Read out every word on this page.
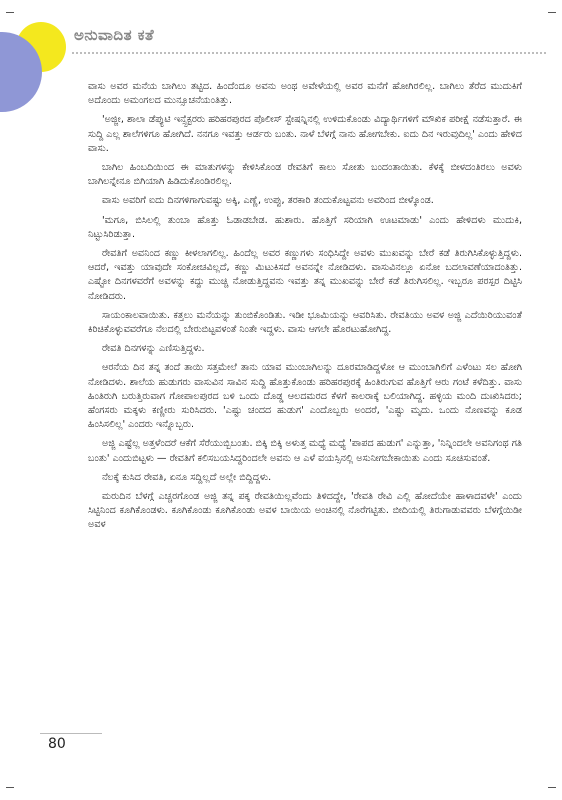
ಅನುವಾದಿತ ಕತೆ

ವಾಸು ಅವರ ಮನೆಯ ಬಾಗಿಲು ತಟ್ಟಿದ. ಹಿಂದೆಂದೂ ಅವನು ಅಂಥ ಅವೇಳೆಯಲ್ಲಿ ಅವರ ಮನೆಗೆ ಹೋಗಿರಲಿಲ್ಲ. ಬಾಗಿಲು ತೆರೆದ ಮುದುಕಿಗೆ ಅದೊಂದು ಅಮಂಗಲದ ಮುನ್ಸೂಚನೆಯಂತಿತ್ತು.

'ಅಜ್ಜೀ, ಶಾಲಾ ಡೆಪ್ಯುಟಿ ಇನ್ಸ್ಪೆಕ್ಟರರು ಹರಿಹರಪುರದ ಪೊಲೀಸ್ ಸ್ಟೇಷನ್ನಿನಲ್ಲಿ ಉಳಿದುಕೊಂಡು ವಿದ್ಯಾರ್ಥಿಗಳಿಗೆ ಮೌಖಿಕ ಪರೀಕ್ಷೆ ನಡೆಸುತ್ತಾರೆ. ಈ ಸುದ್ದಿ ಎಲ್ಲ ಶಾಲೆಗಳಿಗೂ ಹೋಗಿದೆ. ನನಗೂ ಇವತ್ತು ಆರ್ಡರು ಬಂತು. ನಾಳೆ ಬೆಳಗ್ಗೆ ನಾನು ಹೋಗಬೇಕು. ಐದು ದಿನ ಇರುವುದಿಲ್ಲ' ಎಂದು ಹೇಳಿದ ವಾಸು.

ಬಾಗಿಲ ಹಿಂಬದಿಯಿಂದ ಈ ಮಾತುಗಳನ್ನು ಕೇಳಿಸಿಕೊಂಡ ರೇವತಿಗೆ ಕಾಲು ಸೋತು ಬಂದಂತಾಯಿತು. ಕೆಳಕ್ಕೆ ಬೀಳದಂತಿರಲು ಅವಳು ಬಾಗಿಲನ್ನೇನೂ ಬಿಗಿಯಾಗಿ ಹಿಡಿದುಕೊಂಡಿರಲಿಲ್ಲ.

ವಾಸು ಅವರಿಗೆ ಐದು ದಿನಗಳಿಗಾಗುವಷ್ಟು ಅಕ್ಕಿ, ಎಣ್ಣೆ, ಉಪ್ಪು, ತರಕಾರಿ ತಂದುಕೊಟ್ಟವನು ಅವರಿಂದ ಬೀಳ್ಕೊಂಡ.

'ಮಗೂ, ಬಿಸಿಲಲ್ಲಿ ತುಂಬಾ ಹೊತ್ತು ಓಡಾಡಬೇಡ. ಹುಶಾರು. ಹೊತ್ತಿಗೆ ಸರಿಯಾಗಿ ಊಟಮಾಡು' ಎಂದು ಹೇಳಿದಳು ಮುದುಕಿ, ನಿಟ್ಟುಸಿರಿಡುತ್ತಾ.

ರೇವತಿಗೆ ಅವನಿಂದ ಕಣ್ಣು ಕೀಳಲಾಗಲಿಲ್ಲ. ಹಿಂದೆಲ್ಲ ಅವರ ಕಣ್ಣುಗಳು ಸಂಧಿಸಿದ್ದೇ ಅವಳು ಮುಖವನ್ನು ಬೇರೆ ಕಡೆ ತಿರುಗಿಸಿಕೊಳ್ಳುತ್ತಿದ್ದಳು. ಆದರೆ, ಇವತ್ತು ಯಾವುದೇ ಸಂಕೋಚವಿಲ್ಲದೆ, ಕಣ್ಣು ಮಿಟುಕಿಸದೆ ಅವನನ್ನೇ ನೋಡಿದಳು. ವಾಸುವಿನಲ್ಲೂ ಏನೋ ಬದಲಾವಣೆಯಾದಂತಿತ್ತು. ಎಷ್ಟೋ ದಿನಗಳವರೆಗೆ ಅವಳನ್ನು ಕದ್ದು ಮುಚ್ಚಿ ನೋಡುತ್ತಿದ್ದವನು ಇವತ್ತು ತನ್ನ ಮುಖವನ್ನು ಬೇರೆ ಕಡೆ ತಿರುಗಿಸಲಿಲ್ಲ. ಇಬ್ಬರೂ ಪರಸ್ಪರ ದಿಟ್ಟಿಸಿ ನೋಡಿದರು.

ಸಾಯಂಕಾಲವಾಯಿತು. ಕತ್ತಲು ಮನೆಯನ್ನು ತುಂಬಿಕೊಂಡಿತು. ಇಡೀ ಭೂಮಿಯನ್ನು ಆವರಿಸಿತು. ರೇವತಿಯು ಅವಳ ಅಜ್ಜಿ ಎದೆಯಿರಿಯುವಂತೆ ಕಿರಿಚಿಕೊಳ್ಳುವವರೆಗೂ ನೆಲದಲ್ಲಿ ಬೇರುಬಿಟ್ಟವಳಂತೆ ನಿಂತೇ ಇದ್ದಳು. ವಾಸು ಆಗಲೇ ಹೊರಟುಹೋಗಿದ್ದ.

ರೇವತಿ ದಿನಗಳನ್ನು ಎಣಿಸುತ್ತಿದ್ದಳು.

ಆರನೆಯ ದಿನ ತನ್ನ ತಂದೆ ತಾಯಿ ಸತ್ತಮೇಲೆ ತಾನು ಯಾವ ಮುಂಬಾಗಿಲನ್ನು ದೂರಮಾಡಿದ್ದಳೋ ಆ ಮುಂಬಾಗಿಲಿಗೆ ಎಳೆಂಟು ಸಲ ಹೋಗಿ ನೋಡಿದಳು. ಶಾಲೆಯ ಹುಡುಗರು ವಾಸುವಿನ ಸಾವಿನ ಸುದ್ದಿ ಹೊತ್ತುಕೊಂಡು ಹರಿಹರಪುರಕ್ಕೆ ಹಿಂತಿರುಗುವ ಹೊತ್ತಿಗೆ ಆರು ಗಂಟೆ ಕಳೆದಿತ್ತು. ವಾಸು ಹಿಂತಿರುಗಿ ಬರುತ್ತಿರುವಾಗ ಗೋಪಾಲಪುರದ ಬಳಿ ಒಂದು ದೊಡ್ಡ ಆಲದಮರದ ಕೆಳಗೆ ಕಾಲರಾಕ್ಕೆ ಬಲಿಯಾಗಿದ್ದ. ಹಳ್ಳಿಯ ಮಂದಿ ದುಃಖಿಸಿದರು; ಹೆಂಗಸರು ಮಕ್ಕಳು ಕಣ್ಣೀರು ಸುರಿಸಿದರು. 'ಎಷ್ಟು ಚಂದದ ಹುಡುಗ' ಎಂದೊಬ್ಬರು ಅಂದರೆ, 'ಎಷ್ಟು ಮೃದು. ಒಂದು ನೊಣವನ್ನು ಕೂಡ ಹಿಂಸಿಸಲಿಲ್ಲ' ಎಂದರು ಇನ್ನೊಬ್ಬರು.

ಅಜ್ಜಿ ಎಷ್ಟೆಲ್ಲ ಅತ್ತಳೆಂದರೆ ಆಕೆಗೆ ಸೆರೆಯುಬ್ಬಿಬಂತು. ಬಿಕ್ಕಿ ಬಿಕ್ಕಿ ಅಳುತ್ತ ಮಧ್ಯೆ ಮಧ್ಯೆ 'ಪಾಪದ ಹುಡುಗ' ಎನ್ನುತ್ತಾ, 'ನಿನ್ನಿಂದಲೇ ಅವನಿಗಂಥ ಗತಿ ಬಂತು' ಎಂದುಬಿಟ್ಟಳು — ರೇವತಿಗೆ ಕಲಿಸಬಯಸಿದ್ದರಿಂದಲೇ ಅವನು ಆ ಎಳೆ ವಯಸ್ಸಿನಲ್ಲಿ ಅಸುನೀಗಬೇಕಾಯಿತು ಎಂದು ಸೂಚಿಸುವಂತೆ.

ನೆಲಕ್ಕೆ ಕುಸಿದ ರೇವತಿ, ಏನೂ ಸದ್ದಿಲ್ಲದೆ ಅಲ್ಲೇ ಬಿದ್ದಿದ್ದಳು.

ಮರುದಿನ ಬೆಳಗ್ಗೆ ಎಚ್ಚರಗೊಂಡ ಅಜ್ಜಿ ತನ್ನ ಪಕ್ಕ ರೇವತಿಯಿಲ್ಲವೆಂದು ತಿಳಿದದ್ದೇ, 'ರೇವತಿ ರೇವಿ ಎಲ್ಲಿ ಹೋದೆಯೇ ಹಾಳಾದವಳೇ' ಎಂದು ಸಿಟ್ಟಿನಿಂದ ಕೂಗಿಕೊಂಡಳು. ಕೂಗಿಕೊಂಡು ಕೂಗಿಕೊಂಡು ಅವಳ ಬಾಯಿಯ ಅಂಚಿನಲ್ಲಿ ನೊರೆಗಟ್ಟಿತು. ಬೀದಿಯಲ್ಲಿ ತಿರುಗಾಡುವವರು ಬೆಳಗ್ಗೆಯಿಡೀ ಅವಳ

80
